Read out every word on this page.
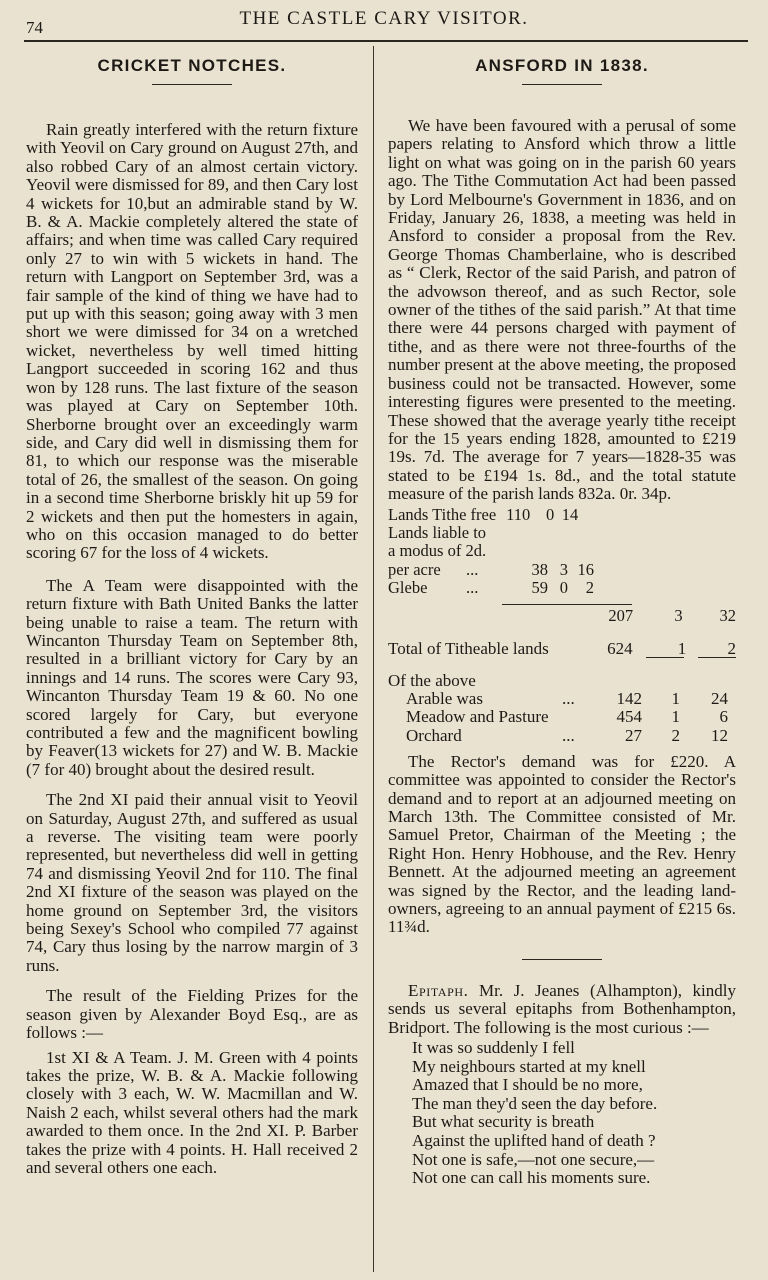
74	THE CASTLE CARY VISITOR.
CRICKET NOTCHES.

Rain greatly interfered with the return fixture with Yeovil on Cary ground on August 27th, and also robbed Cary of an almost certain victory. Yeovil were dismissed for 89, and then Cary lost 4 wickets for 10,but an admirable stand by W. B. & A. Mackie completely altered the state of affairs; and when time was called Cary required only 27 to win with 5 wickets in hand. The return with Langport on September 3rd, was a fair sample of the kind of thing we have had to put up with this season; going away with 3 men short we were dimissed for 34 on a wretched wicket, nevertheless by well timed hitting Langport succeeded in scoring 162 and thus won by 128 runs. The last fixture of the season was played at Cary on September 10th. Sherborne brought over an exceedingly warm side, and Cary did well in dismissing them for 81, to which our response was the miserable total of 26, the smallest of the season. On going in a second time Sherborne briskly hit up 59 for 2 wickets and then put the homesters in again, who on this occasion managed to do better scoring 67 for the loss of 4 wickets.

The A Team were disappointed with the return fixture with Bath United Banks the latter being unable to raise a team. The return with Wincanton Thursday Team on September 8th, resulted in a brilliant victory for Cary by an innings and 14 runs. The scores were Cary 93, Wincanton Thursday Team 19 & 60. No one scored largely for Cary, but everyone contributed a few and the magnificent bowling by Feaver(13 wickets for 27) and W. B. Mackie (7 for 40) brought about the desired result.

The 2nd XI paid their annual visit to Yeovil on Saturday, August 27th, and suffered as usual a reverse. The visiting team were poorly represented, but nevertheless did well in getting 74 and dismissing Yeovil 2nd for 110. The final 2nd XI fixture of the season was played on the home ground on September 3rd, the visitors being Sexey's School who compiled 77 against 74, Cary thus losing by the narrow margin of 3 runs.

The result of the Fielding Prizes for the season given by Alexander Boyd Esq., are as follows :—

1st XI & A Team. J. M. Green with 4 points takes the prize, W. B. & A. Mackie following closely with 3 each, W. W. Macmillan and W. Naish 2 each, whilst several others had the mark awarded to them once. In the 2nd XI. P. Barber takes the prize with 4 points. H. Hall received 2 and several others one each.

ANSFORD IN 1838.

We have been favoured with a perusal of some papers relating to Ansford which throw a little light on what was going on in the parish 60 years ago. The Tithe Commutation Act had been passed by Lord Melbourne's Government in 1836, and on Friday, January 26, 1838, a meeting was held in Ansford to consider a proposal from the Rev. George Thomas Chamberlaine, who is described as “ Clerk, Rector of the said Parish, and patron of the advowson thereof, and as such Rector, sole owner of the tithes of the said parish.” At that time there were 44 persons charged with payment of tithe, and as there were not three-fourths of the number present at the above meeting, the proposed business could not be transacted. However, some interesting figures were presented to the meeting. These showed that the average yearly tithe receipt for the 15 years ending 1828, amounted to £219 19s. 7d. The average for 7 years—1828-35 was stated to be £194 1s. 8d., and the total statute measure of the parish lands 832a. 0r. 34p.

Lands Tithe free 110 0 14
Lands liable to
a modus of 2d.
per acre	...	38 3 16
Glebe	...	59 0	2
207	3	32
Total of Titheable lands	624	1	2
Of the above
Arable was	...	142	1	24
Meadow and Pasture	454	1	6
Orchard	...	27	2	12

The Rector's demand was for £220. A committee was appointed to consider the Rector's demand and to report at an adjourned meeting on March 13th. The Committee consisted of Mr. Samuel Pretor, Chairman of the Meeting ; the Right Hon. Henry Hobhouse, and the Rev. Henry Bennett. At the adjourned meeting an agreement was signed by the Rector, and the leading land-owners, agreeing to an annual payment of £215 6s. 11¾d.

Epitaph. Mr. J. Jeanes (Alhampton), kindly sends us several epitaphs from Bothenhampton, Bridport. The following is the most curious :—

It was so suddenly I fell
My neighbours started at my knell
Amazed that I should be no more,
The man they'd seen the day before.
But what security is breath
Against the uplifted hand of death ?
Not one is safe,—not one secure,—
Not one can call his moments sure.
